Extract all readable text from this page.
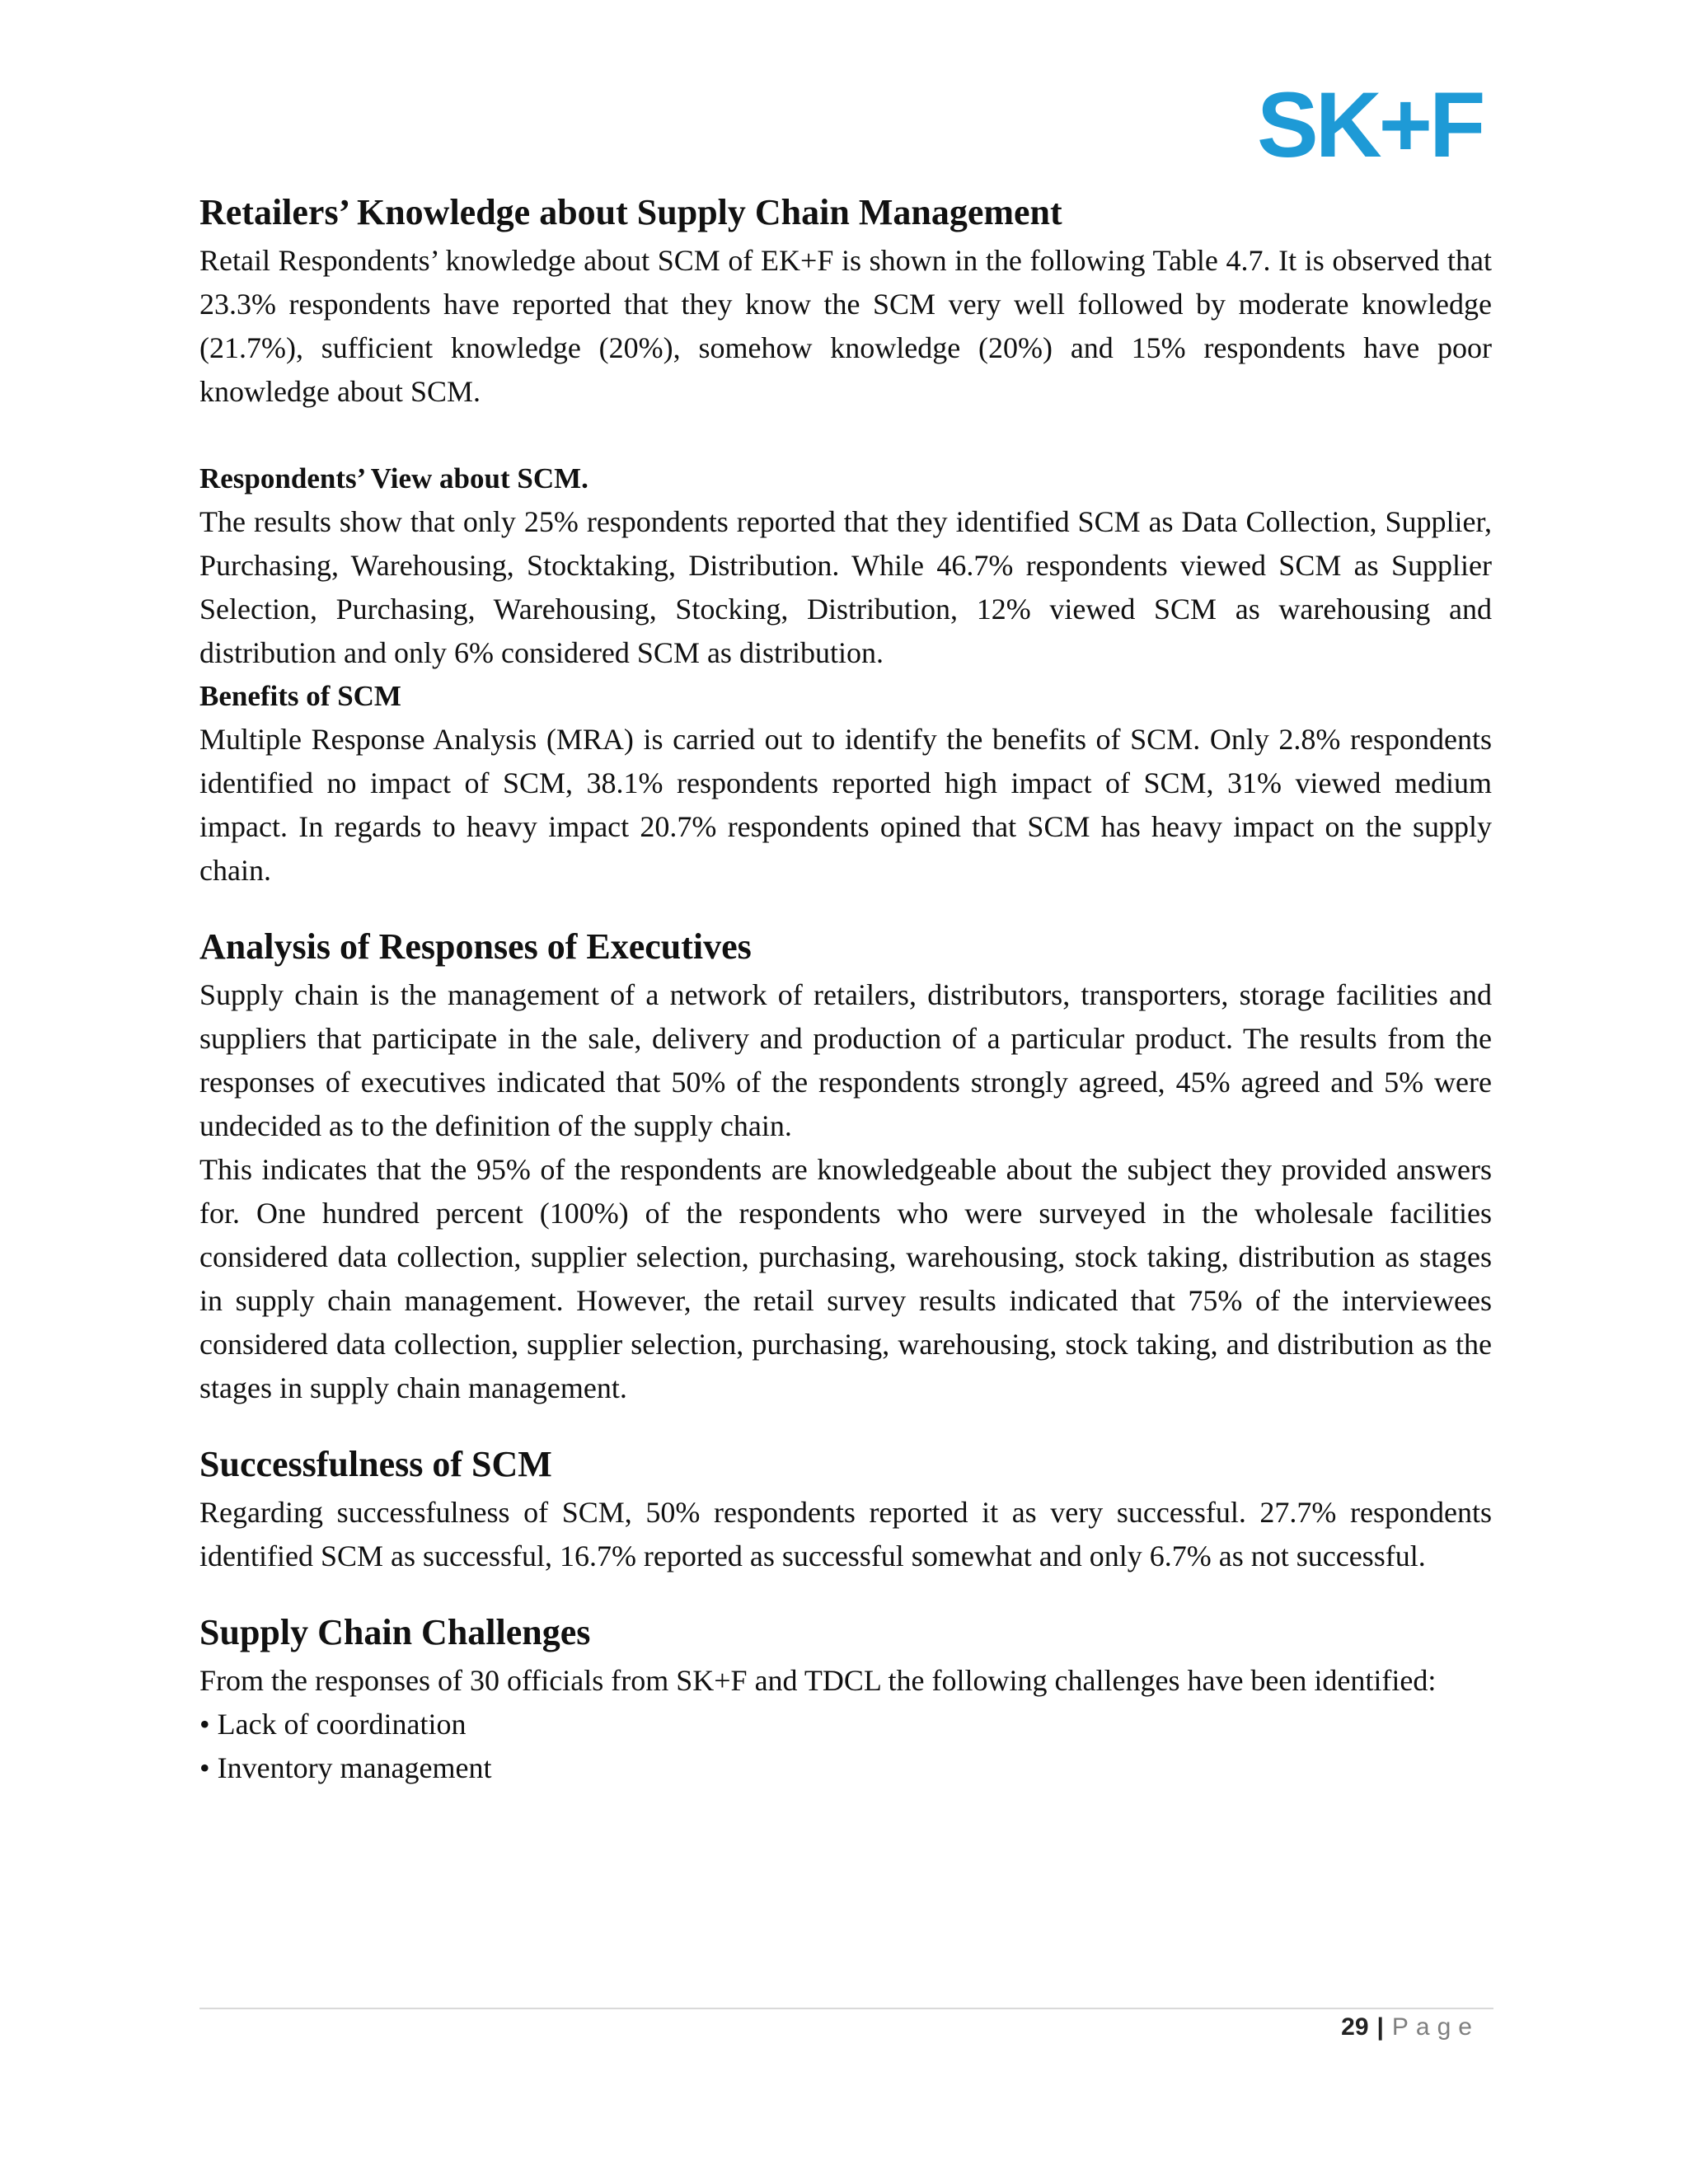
SK+F
Retailers’ Knowledge about Supply Chain Management

Retail Respondents’ knowledge about SCM of EK+F is shown in the following Table 4.7. It is observed that 23.3% respondents have reported that they know the SCM very well followed by moderate knowledge (21.7%), sufficient knowledge (20%), somehow knowledge (20%) and 15% respondents have poor knowledge about SCM.

Respondents’ View about SCM.

The results show that only 25% respondents reported that they identified SCM as Data Collection, Supplier, Purchasing, Warehousing, Stocktaking, Distribution. While 46.7% respondents viewed SCM as Supplier Selection, Purchasing, Warehousing, Stocking, Distribution, 12% viewed SCM as warehousing and distribution and only 6% considered SCM as distribution.

Benefits of SCM

Multiple Response Analysis (MRA) is carried out to identify the benefits of SCM. Only 2.8% respondents identified no impact of SCM, 38.1% respondents reported high impact of SCM, 31% viewed medium impact. In regards to heavy impact 20.7% respondents opined that SCM has heavy impact on the supply chain.

Analysis of Responses of Executives

Supply chain is the management of a network of retailers, distributors, transporters, storage facilities and suppliers that participate in the sale, delivery and production of a particular product. The results from the responses of executives indicated that 50% of the respondents strongly agreed, 45% agreed and 5% were undecided as to the definition of the supply chain.

This indicates that the 95% of the respondents are knowledgeable about the subject they provided answers for. One hundred percent (100%) of the respondents who were surveyed in the wholesale facilities considered data collection, supplier selection, purchasing, warehousing, stock taking, distribution as stages in supply chain management. However, the retail survey results indicated that 75% of the interviewees considered data collection, supplier selection, purchasing, warehousing, stock taking, and distribution as the stages in supply chain management.

Successfulness of SCM

Regarding successfulness of SCM, 50% respondents reported it as very successful. 27.7% respondents identified SCM as successful, 16.7% reported as successful somewhat and only 6.7% as not successful.

Supply Chain Challenges

From the responses of 30 officials from SK+F and TDCL the following challenges have been identified:

• Lack of coordination

• Inventory management

29 | Page
